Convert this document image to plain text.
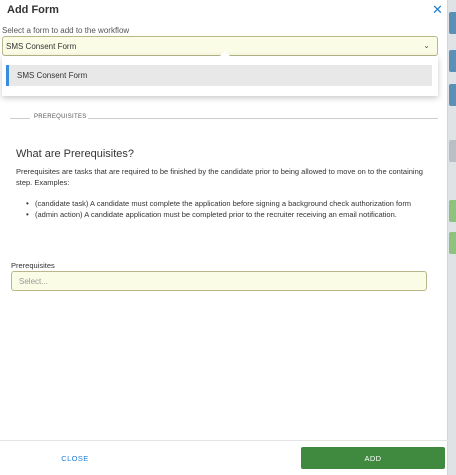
Add Form	✕
Select a form to add to the workflow
SMS Consent Form	⌄
SMS Consent Form
PREREQUISITES
What are Prerequisites?
Prerequisites are tasks that are required to be finished by the candidate prior to being allowed to move on to the containing step. Examples:
• (candidate task) A candidate must complete the application before signing a background check authorization form
• (admin action) A candidate application must be completed prior to the recruiter receiving an email notification.
Prerequisites
Select...
CLOSE	ADD
